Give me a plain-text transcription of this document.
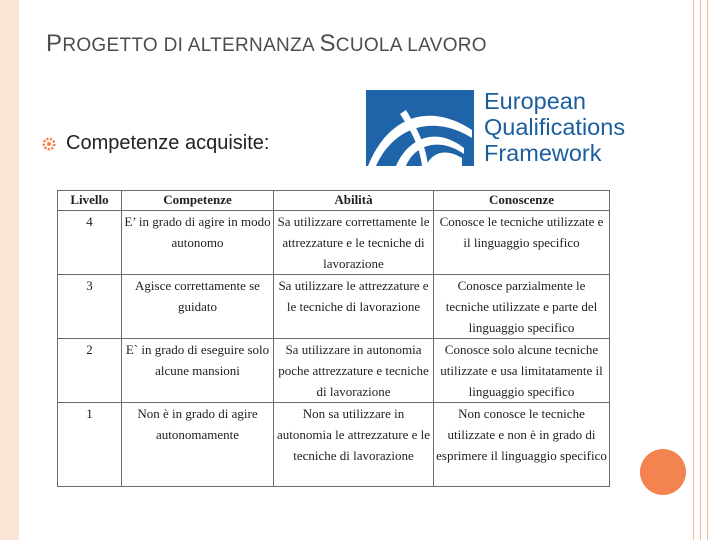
PROGETTO DI ALTERNANZA SCUOLA LAVORO
Competenze acquisite:
European
Qualifications
Framework
Livello	Competenze	Abilità	Conoscenze
4	E’ in grado di agire in modo autonomo	Sa utilizzare correttamente le attrezzature e le tecniche di lavorazione	Conosce le tecniche utilizzate e il linguaggio specifico
3	Agisce correttamente se guidato	Sa utilizzare le attrezzature e le tecniche di lavorazione	Conosce parzialmente le tecniche utilizzate e parte del linguaggio specifico
2	E` in grado di eseguire solo alcune mansioni	Sa utilizzare in autonomia poche attrezzature e tecniche di lavorazione	Conosce solo alcune tecniche utilizzate e usa limitatamente il linguaggio specifico
1	Non è in grado di agire autonomamente	Non sa utilizzare in autonomia le attrezzature e le tecniche di lavorazione	Non conosce le tecniche utilizzate e non è in grado di esprimere il linguaggio specifico
